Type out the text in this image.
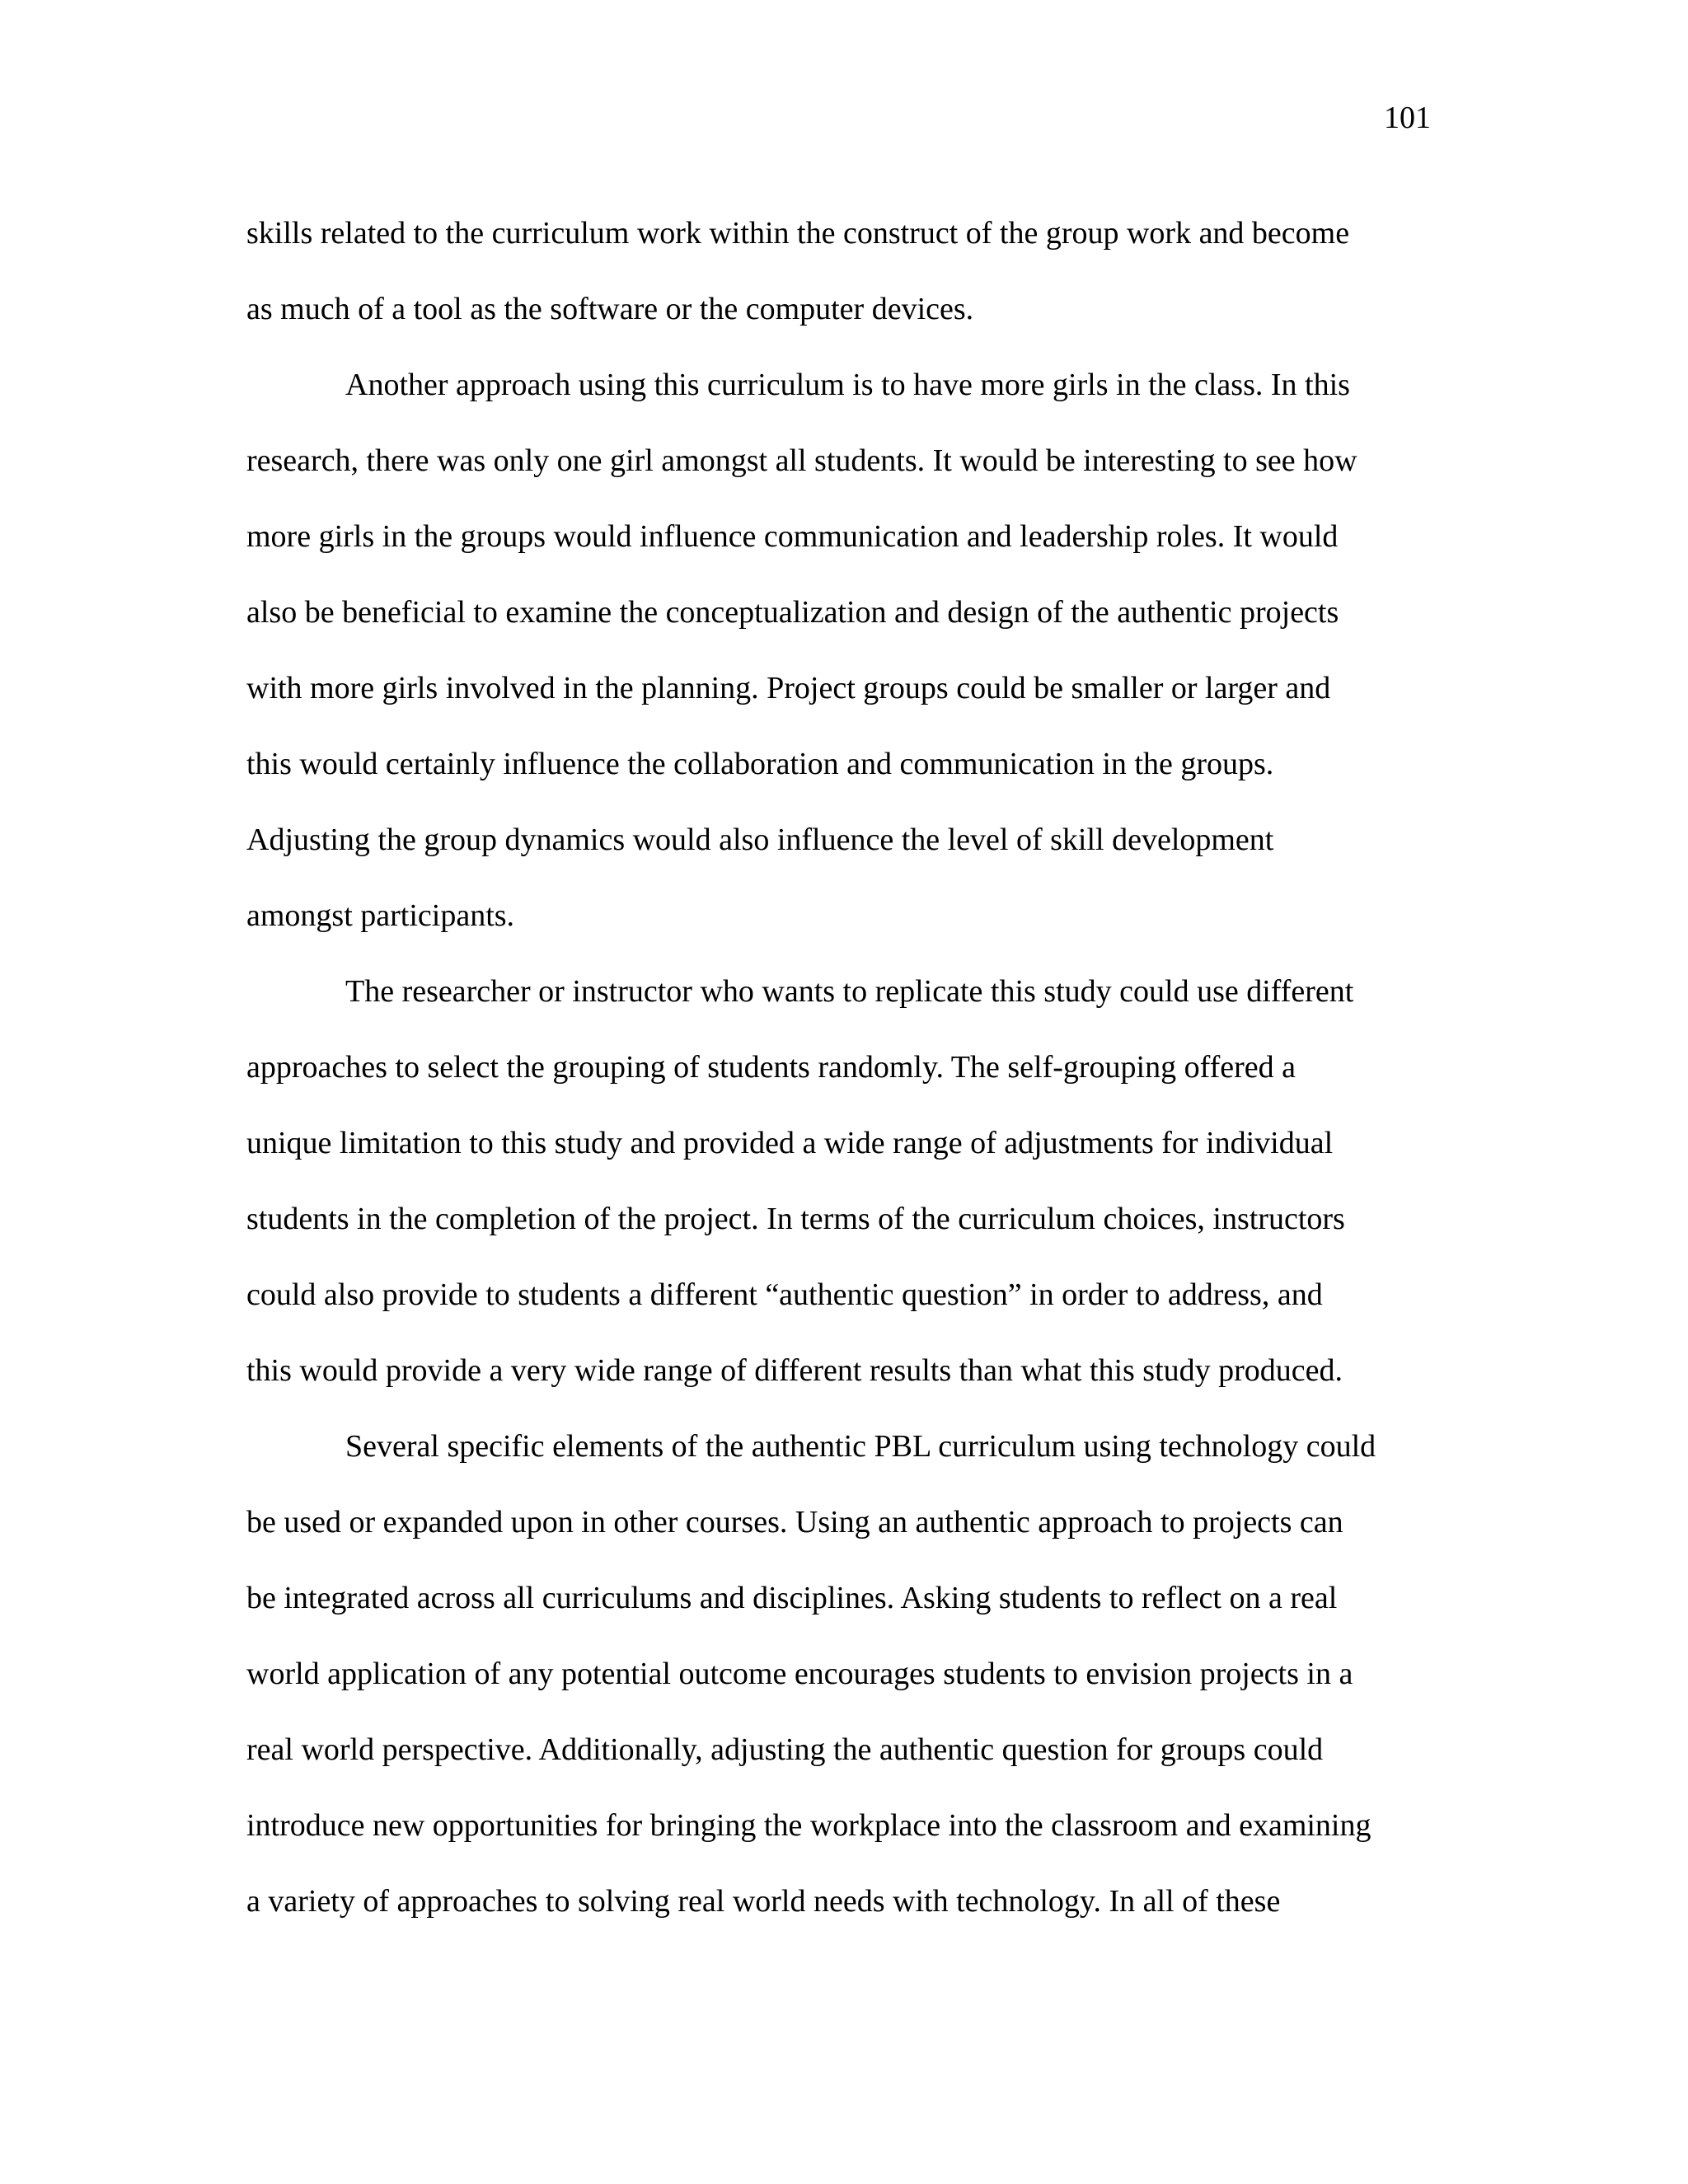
101

skills related to the curriculum work within the construct of the group work and become
as much of a tool as the software or the computer devices.
Another approach using this curriculum is to have more girls in the class. In this
research, there was only one girl amongst all students. It would be interesting to see how
more girls in the groups would influence communication and leadership roles. It would
also be beneficial to examine the conceptualization and design of the authentic projects
with more girls involved in the planning. Project groups could be smaller or larger and
this would certainly influence the collaboration and communication in the groups.
Adjusting the group dynamics would also influence the level of skill development
amongst participants.
The researcher or instructor who wants to replicate this study could use different
approaches to select the grouping of students randomly. The self-grouping offered a
unique limitation to this study and provided a wide range of adjustments for individual
students in the completion of the project. In terms of the curriculum choices, instructors
could also provide to students a different “authentic question” in order to address, and
this would provide a very wide range of different results than what this study produced.
Several specific elements of the authentic PBL curriculum using technology could
be used or expanded upon in other courses. Using an authentic approach to projects can
be integrated across all curriculums and disciplines. Asking students to reflect on a real
world application of any potential outcome encourages students to envision projects in a
real world perspective. Additionally, adjusting the authentic question for groups could
introduce new opportunities for bringing the workplace into the classroom and examining
a variety of approaches to solving real world needs with technology. In all of these
